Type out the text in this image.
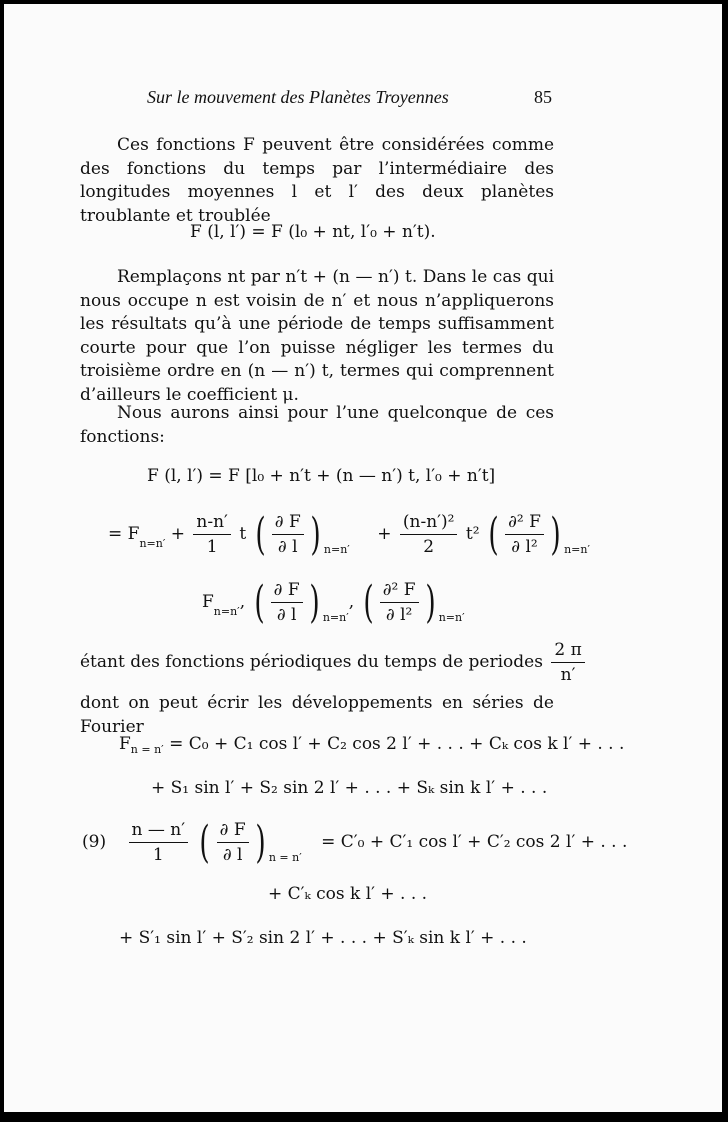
Sur le mouvement des Planètes Troyennes	85

Ces fonctions F peuvent être considérées comme des fonctions du temps par l’intermédiaire des longitudes moyennes l et l′ des deux planètes troublante et troublée

F (l, l′) = F (l₀ + nt, l′₀ + n′t).

Remplaçons nt par n′t + (n — n′) t. Dans le cas qui nous occupe n est voisin de n′ et nous n’appliquerons les résultats qu’à une période de temps suffisamment courte pour que l’on puisse négliger les termes du troisième ordre en (n — n′) t, termes qui comprennent d’ailleurs le coefficient μ.

Nous aurons ainsi pour l’une quelconque de ces fonctions:

F (l, l′) = F [l₀ + n′t + (n — n′) t, l′₀ + n′t]
= $F_{n=n'} + \frac{n-n'}{1}$ t ( $\frac{\partial F}{\partial l}$ ) $_{n=n'} + \frac{\text{(n-n′)²}}{2} t^2$ ( $\frac{\text{∂² F}}{\text{∂ l²}}$ ) $_{n=n'}$
$F_{n=n'}$, ( $\frac{\partial F}{\partial l}$ ) $_{n=n'}$, ( $\frac{\text{∂² F}}{\text{∂ l²}}$ ) $_{n=n'}$
étant des fonctions périodiques du temps de periodes $\frac{2 \pi}{n'}$

dont on peut écrir les développements en séries de Fourier

$F_{n = n'} = C_0 + C_1$ cos l′ + C₂ cos 2 l′ + . . . + Cₖ cos k l′ + . . .
+ S₁ sin l′ + S₂ sin 2 l′ + . . . + Sₖ sin k l′ + . . .
$(9) \frac{n — n'}{1}$ ( $\frac{\partial F}{\partial l}$ ) $_{n = n'}$ = C′₀ + C′₁ cos l′ + C′₂ cos 2 l′ + . . .
+ C′ₖ cos k l′ + . . .
+ S′₁ sin l′ + S′₂ sin 2 l′ + . . . + S′ₖ sin k l′ + . . .
